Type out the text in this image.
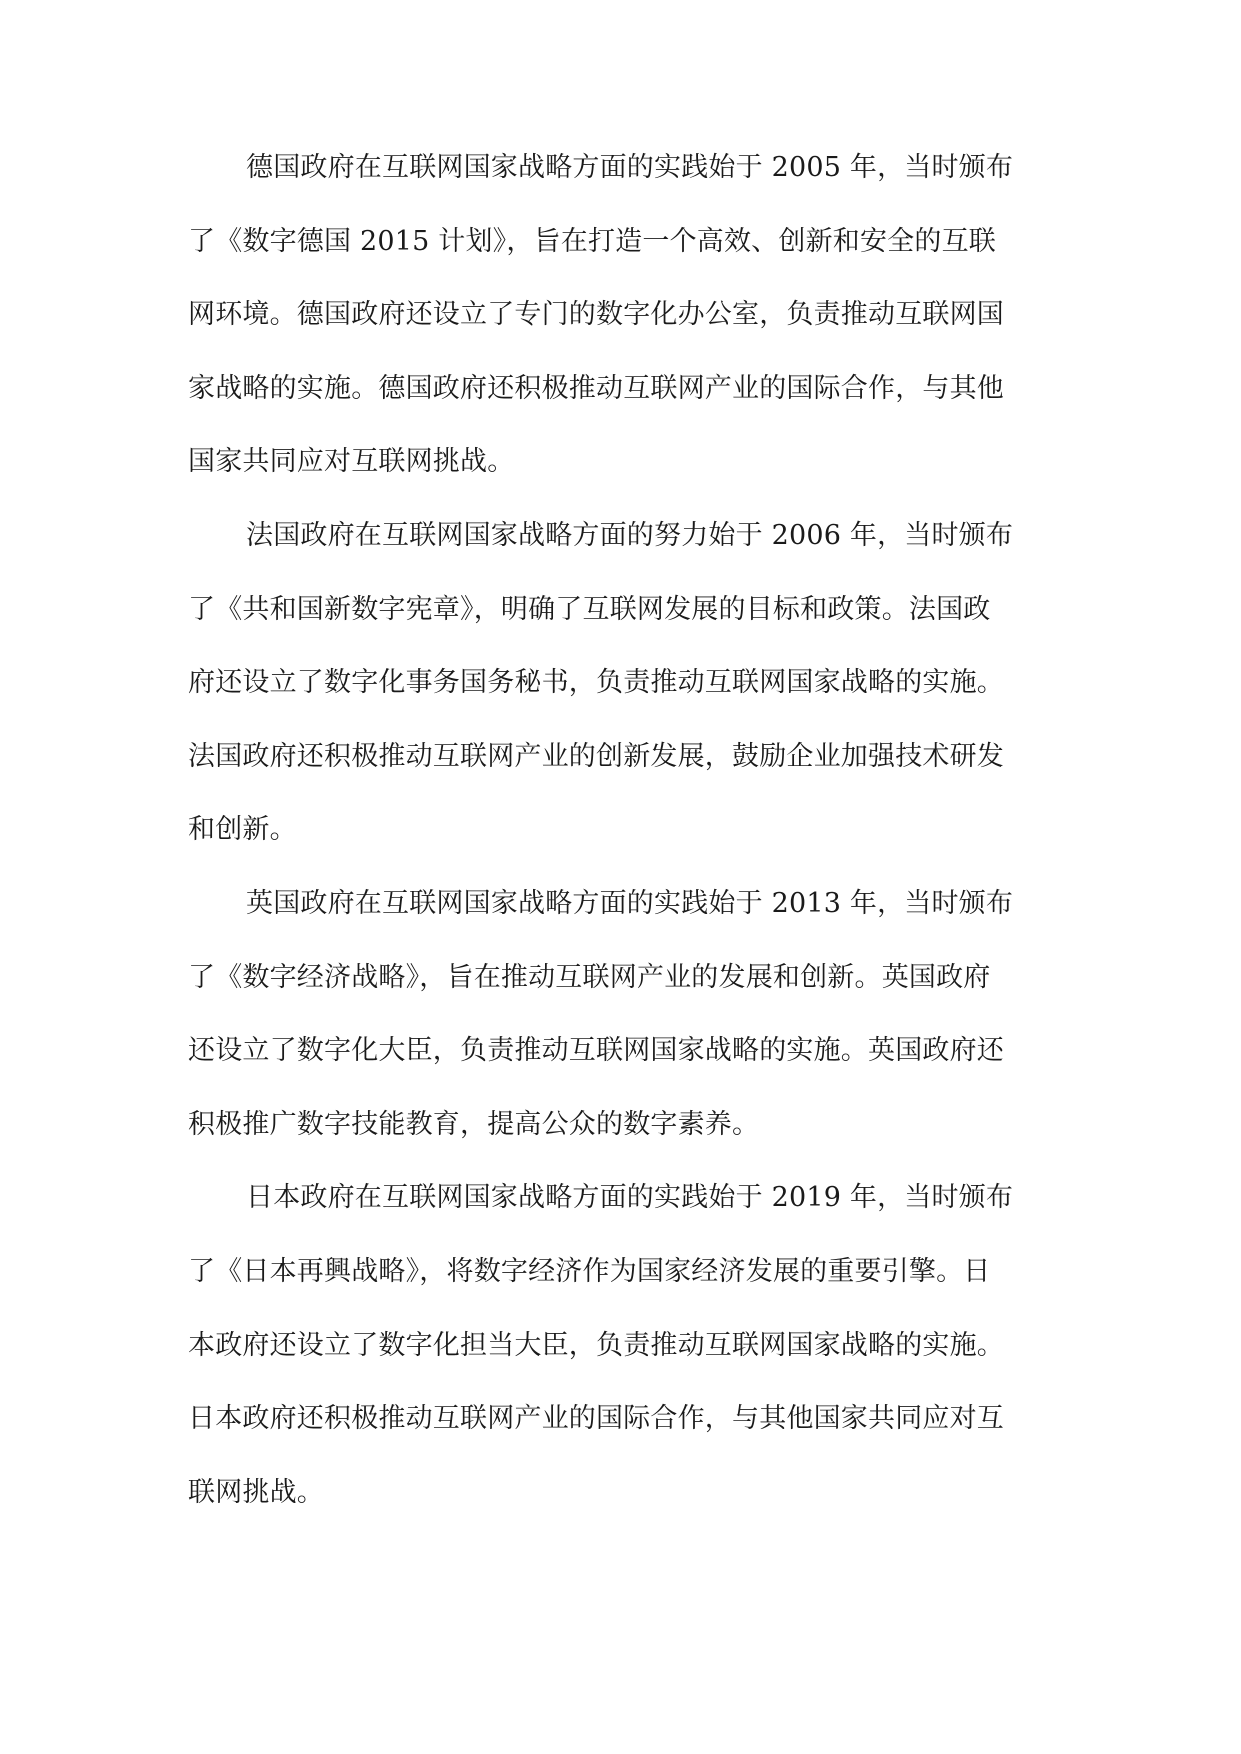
德国政府在互联网国家战略方面的实践始于 2005 年，当时颁布
了《数字德国 2015 计划》，旨在打造一个高效、创新和安全的互联
网环境。德国政府还设立了专门的数字化办公室，负责推动互联网国
家战略的实施。德国政府还积极推动互联网产业的国际合作，与其他
国家共同应对互联网挑战。
法国政府在互联网国家战略方面的努力始于 2006 年，当时颁布
了《共和国新数字宪章》，明确了互联网发展的目标和政策。法国政
府还设立了数字化事务国务秘书，负责推动互联网国家战略的实施。
法国政府还积极推动互联网产业的创新发展，鼓励企业加强技术研发
和创新。
英国政府在互联网国家战略方面的实践始于 2013 年，当时颁布
了《数字经济战略》，旨在推动互联网产业的发展和创新。英国政府
还设立了数字化大臣，负责推动互联网国家战略的实施。英国政府还
积极推广数字技能教育，提高公众的数字素养。
日本政府在互联网国家战略方面的实践始于 2019 年，当时颁布
了《日本再興战略》，将数字经济作为国家经济发展的重要引擎。日
本政府还设立了数字化担当大臣，负责推动互联网国家战略的实施。
日本政府还积极推动互联网产业的国际合作，与其他国家共同应对互
联网挑战。
